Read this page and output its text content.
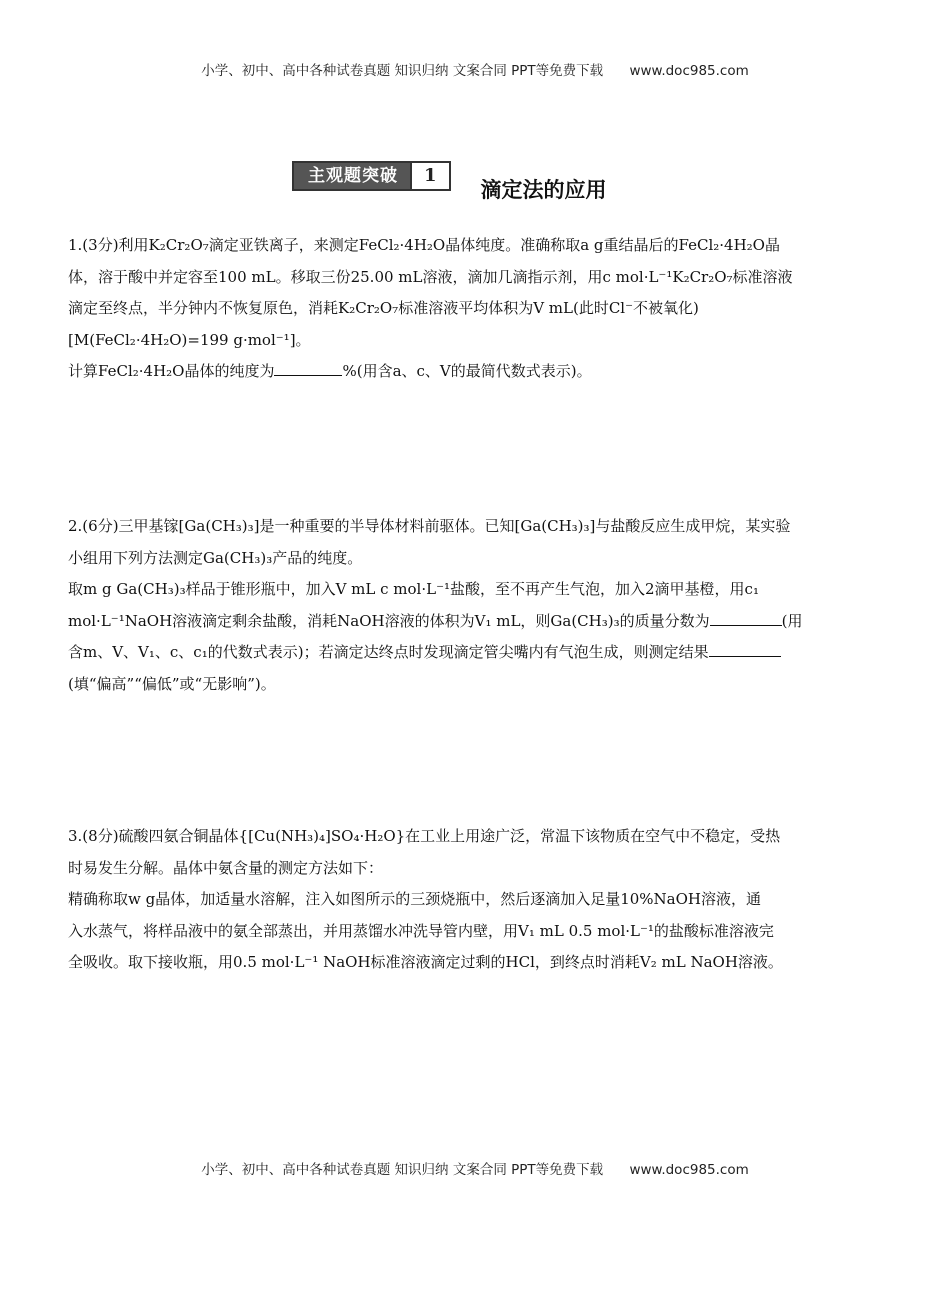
小学、初中、高中各种试卷真题 知识归纳 文案合同 PPT等免费下载 www.doc985.com
主观题突破	1
滴定法的应用

1.(3分)利用K₂Cr₂O₇滴定亚铁离子，来测定FeCl₂·4H₂O晶体纯度。准确称取a g重结晶后的FeCl₂·4H₂O晶

体，溶于酸中并定容至100 mL。移取三份25.00 mL溶液，滴加几滴指示剂，用c mol·L⁻¹K₂Cr₂O₇标准溶液

滴定至终点，半分钟内不恢复原色，消耗K₂Cr₂O₇标准溶液平均体积为V mL(此时Cl⁻不被氧化)

[M(FeCl₂·4H₂O)=199 g·mol⁻¹]。

计算FeCl₂·4H₂O晶体的纯度为	%(用含a、c、V的最简代数式表示)。

2.(6分)三甲基镓[Ga(CH₃)₃]是一种重要的半导体材料前驱体。已知[Ga(CH₃)₃]与盐酸反应生成甲烷，某实验

小组用下列方法测定Ga(CH₃)₃产品的纯度。

取m g Ga(CH₃)₃样品于锥形瓶中，加入V mL c mol·L⁻¹盐酸，至不再产生气泡，加入2滴甲基橙，用c₁

mol·L⁻¹NaOH溶液滴定剩余盐酸，消耗NaOH溶液的体积为V₁ mL，则Ga(CH₃)₃的质量分数为	(用

含m、V、V₁、c、c₁的代数式表示)；若滴定达终点时发现滴定管尖嘴内有气泡生成，则测定结果

(填“偏高”“偏低”或“无影响”)。

3.(8分)硫酸四氨合铜晶体{[Cu(NH₃)₄]SO₄·H₂O}在工业上用途广泛，常温下该物质在空气中不稳定，受热

时易发生分解。晶体中氨含量的测定方法如下：

精确称取w g晶体，加适量水溶解，注入如图所示的三颈烧瓶中，然后逐滴加入足量10%NaOH溶液，通

入水蒸气，将样品液中的氨全部蒸出，并用蒸馏水冲洗导管内壁，用V₁ mL 0.5 mol·L⁻¹的盐酸标准溶液完

全吸收。取下接收瓶，用0.5 mol·L⁻¹ NaOH标准溶液滴定过剩的HCl，到终点时消耗V₂ mL NaOH溶液。

小学、初中、高中各种试卷真题 知识归纳 文案合同 PPT等免费下载 www.doc985.com
